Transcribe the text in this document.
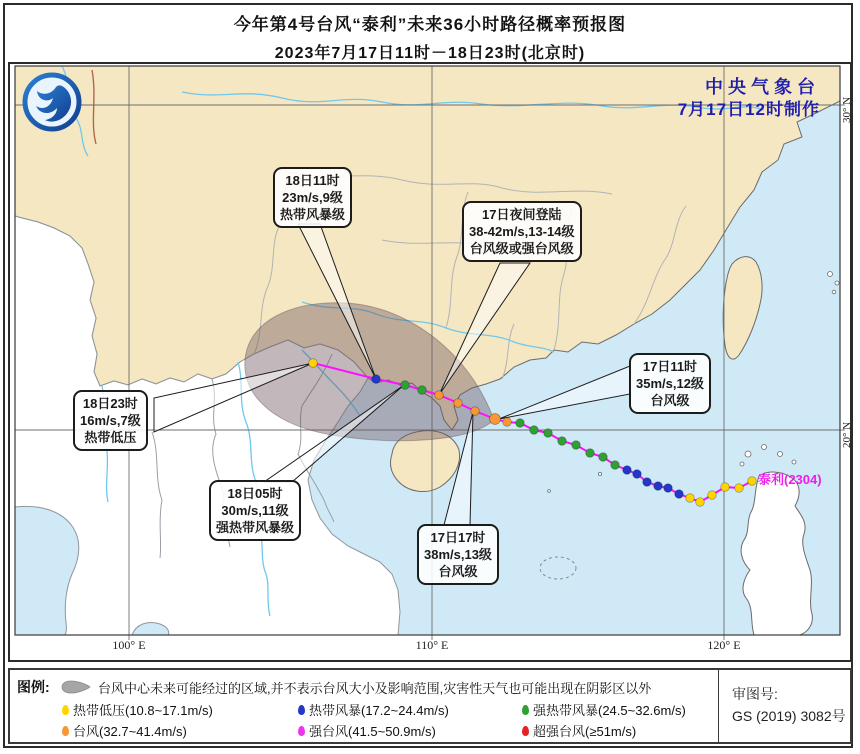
今年第4号台风“泰利”未来36小时路径概率预报图
2023年7月17日11时－18日23时(北京时)
中央气象台
7月17日12时制作
泰利(2304)
18日11时
23m/s,9级
热带风暴级	17日夜间登陆
38-42m/s,13-14级
台风级或强台风级
17日11时
35m/s,12级
台风级
18日23时
16m/s,7级
热带低压
18日05时
30m/s,11级
强热带风暴级
17日17时
38m/s,13级
台风级
100° E	110° E	120° E
30° N
20° N
图例:	台风中心未来可能经过的区域,并不表示台风大小及影响范围,灾害性天气也可能出现在阴影区以外
热带低压(10.8~17.1m/s)	热带风暴(17.2~24.4m/s)	强热带风暴(24.5~32.6m/s)
台风(32.7~41.4m/s)	强台风(41.5~50.9m/s)	超强台风(≥51m/s)
审图号:
GS (2019) 3082号
